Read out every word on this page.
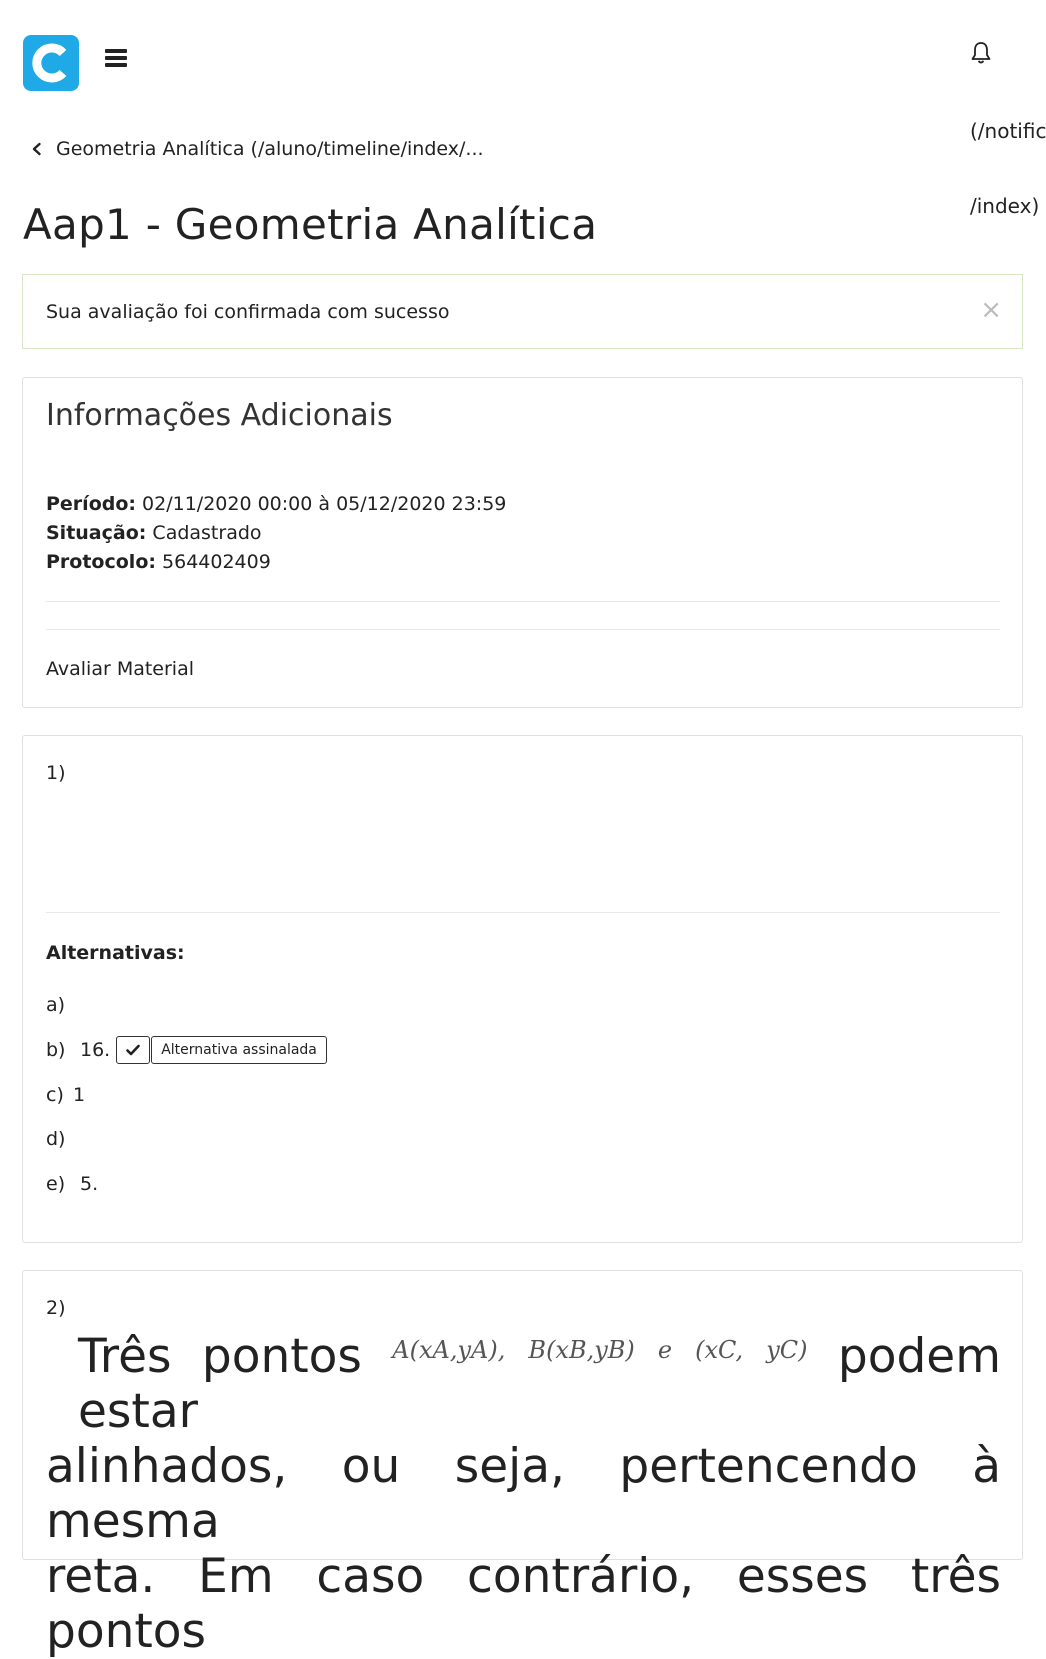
(/notific
/index)
Geometria Analítica (/aluno/timeline/index/...
Aap1 - Geometria Analítica
Sua avaliação foi confirmada com sucesso	×
Informações Adicionais
Período: 02/11/2020 00:00 à 05/12/2020 23:59
Situação: Cadastrado
Protocolo: 564402409
Avaliar Material
1)
Alternativas:
a)
b) 16.	Alternativa assinalada
c) 1
d)
e) 5.
2)
Três pontos $^{A(xA,yA), B(xB,yB) e (xC, yC)}$ podem estar
alinhados, ou seja, pertencendo à mesma
reta. Em caso contrário, esses três pontos
